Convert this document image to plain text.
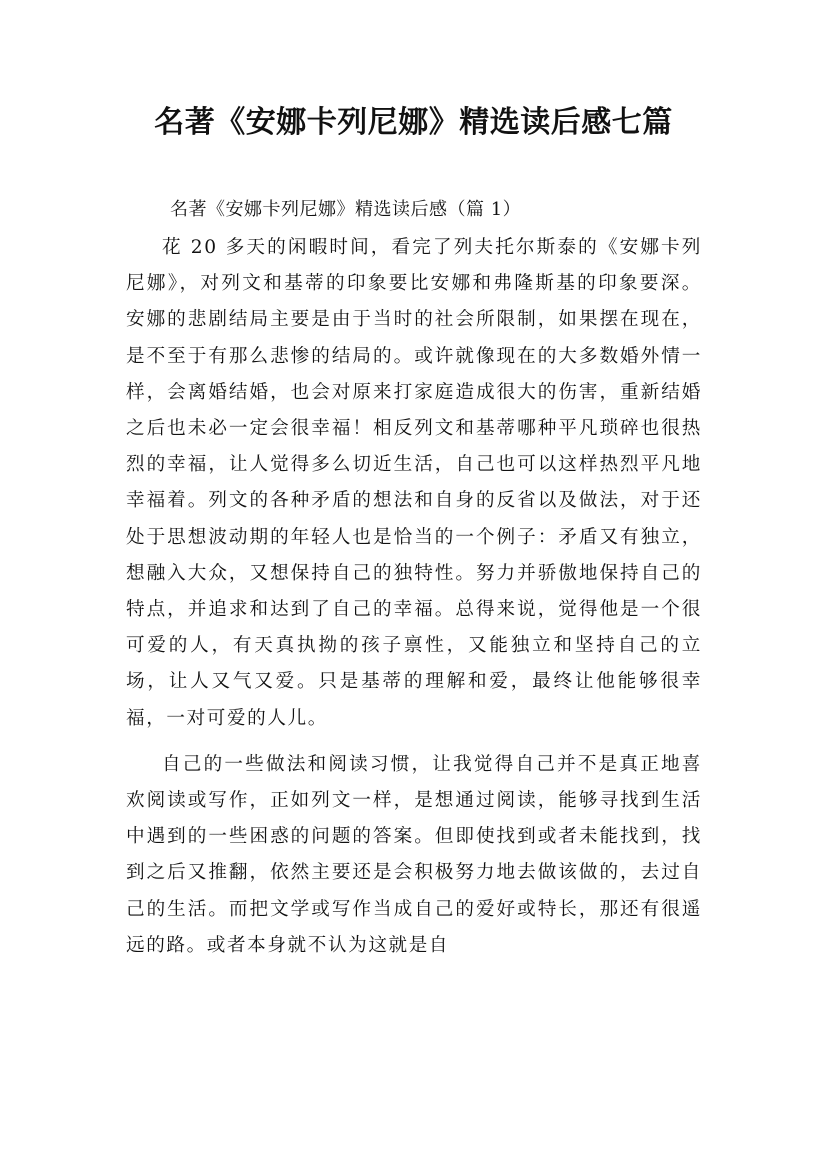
名著《安娜卡列尼娜》精选读后感七篇

名著《安娜卡列尼娜》精选读后感（篇 1）

花 20 多天的闲暇时间，看完了列夫托尔斯泰的《安娜卡列尼娜》，对列文和基蒂的印象要比安娜和弗隆斯基的印象要深。安娜的悲剧结局主要是由于当时的社会所限制，如果摆在现在，是不至于有那么悲惨的结局的。或许就像现在的大多数婚外情一样，会离婚结婚，也会对原来打家庭造成很大的伤害，重新结婚之后也未必一定会很幸福！相反列文和基蒂哪种平凡琐碎也很热烈的幸福，让人觉得多么切近生活，自己也可以这样热烈平凡地幸福着。列文的各种矛盾的想法和自身的反省以及做法，对于还处于思想波动期的年轻人也是恰当的一个例子：矛盾又有独立，想融入大众，又想保持自己的独特性。努力并骄傲地保持自己的特点，并追求和达到了自己的幸福。总得来说，觉得他是一个很可爱的人，有天真执拗的孩子禀性，又能独立和坚持自己的立场，让人又气又爱。只是基蒂的理解和爱，最终让他能够很幸福，一对可爱的人儿。

自己的一些做法和阅读习惯，让我觉得自己并不是真正地喜欢阅读或写作，正如列文一样，是想通过阅读，能够寻找到生活中遇到的一些困惑的问题的答案。但即使找到或者未能找到，找到之后又推翻，依然主要还是会积极努力地去做该做的，去过自己的生活。而把文学或写作当成自己的爱好或特长，那还有很遥远的路。或者本身就不认为这就是自
